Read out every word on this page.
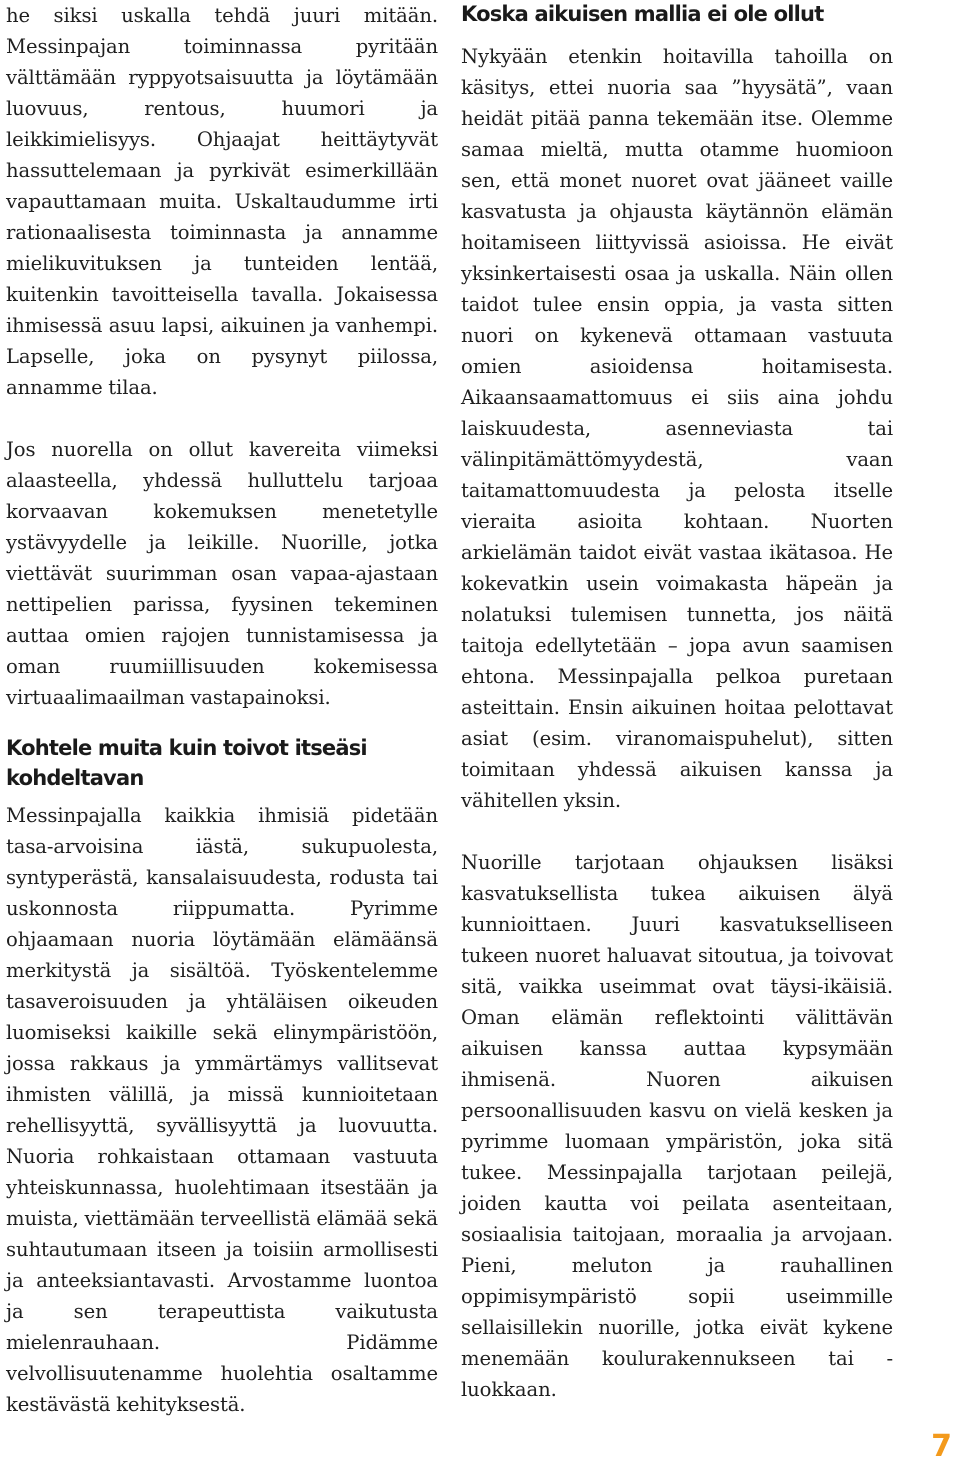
he siksi uskalla tehdä juuri mitään. Messinpajan toiminnassa pyritään välttämään ryppyotsaisuutta ja löytämään luovuus, rentous, huumori ja leikkimielisyys. Ohjaajat heittäytyvät hassuttelemaan ja pyrkivät esimerkillään vapauttamaan muita. Uskaltaudumme irti rationaalisesta toiminnasta ja annamme mielikuvituksen ja tunteiden lentää, kuitenkin tavoitteisella tavalla. Jokaisessa ihmisessä asuu lapsi, aikuinen ja vanhempi. Lapselle, joka on pysynyt piilossa, annamme tilaa.

Jos nuorella on ollut kavereita viimeksi alaasteella, yhdessä hulluttelu tarjoaa korvaavan kokemuksen menetetylle ystävyydelle ja leikille. Nuorille, jotka viettävät suurimman osan vapaa-ajastaan nettipelien parissa, fyysinen tekeminen auttaa omien rajojen tunnistamisessa ja oman ruumiillisuuden kokemisessa virtuaalimaailman vastapainoksi.

Kohtele muita kuin toivot itseäsi kohdeltavan

Messinpajalla kaikkia ihmisiä pidetään tasa-arvoisina iästä, sukupuolesta, syntyperästä, kansalaisuudesta, rodusta tai uskonnosta riippumatta. Pyrimme ohjaamaan nuoria löytämään elämäänsä merkitystä ja sisältöä. Työskentelemme tasaveroisuuden ja yhtäläisen oikeuden luomiseksi kaikille sekä elinympäristöön, jossa rakkaus ja ymmärtämys vallitsevat ihmisten välillä, ja missä kunnioitetaan rehellisyyttä, syvällisyyttä ja luovuutta. Nuoria rohkaistaan ottamaan vastuuta yhteiskunnassa, huolehtimaan itsestään ja muista, viettämään terveellistä elämää sekä suhtautumaan itseen ja toisiin armollisesti ja anteeksiantavasti. Arvostamme luontoa ja sen terapeuttista vaikutusta mielenrauhaan. Pidämme velvollisuutenamme huolehtia osaltamme kestävästä kehityksestä.

Koska aikuisen mallia ei ole ollut

Nykyään etenkin hoitavilla tahoilla on käsitys, ettei nuoria saa ”hyysätä”, vaan heidät pitää panna tekemään itse. Olemme samaa mieltä, mutta otamme huomioon sen, että monet nuoret ovat jääneet vaille kasvatusta ja ohjausta käytännön elämän hoitamiseen liittyvissä asioissa. He eivät yksinkertaisesti osaa ja uskalla. Näin ollen taidot tulee ensin oppia, ja vasta sitten nuori on kykenevä ottamaan vastuuta omien asioidensa hoitamisesta. Aikaansaamattomuus ei siis aina johdu laiskuudesta, asenneviasta tai välinpitämättömyydestä, vaan taitamattomuudesta ja pelosta itselle vieraita asioita kohtaan. Nuorten arkielämän taidot eivät vastaa ikätasoa. He kokevatkin usein voimakasta häpeän ja nolatuksi tulemisen tunnetta, jos näitä taitoja edellytetään – jopa avun saamisen ehtona. Messinpajalla pelkoa puretaan asteittain. Ensin aikuinen hoitaa pelottavat asiat (esim. viranomaispuhelut), sitten toimitaan yhdessä aikuisen kanssa ja vähitellen yksin.

Nuorille tarjotaan ohjauksen lisäksi kasvatuksellista tukea aikuisen älyä kunnioittaen. Juuri kasvatukselliseen tukeen nuoret haluavat sitoutua, ja toivovat sitä, vaikka useimmat ovat täysi-ikäisiä. Oman elämän reflektointi välittävän aikuisen kanssa auttaa kypsymään ihmisenä. Nuoren aikuisen persoonallisuuden kasvu on vielä kesken ja pyrimme luomaan ympäristön, joka sitä tukee. Messinpajalla tarjotaan peilejä, joiden kautta voi peilata asenteitaan, sosiaalisia taitojaan, moraalia ja arvojaan. Pieni, meluton ja rauhallinen oppimisympäristö sopii useimmille sellaisillekin nuorille, jotka eivät kykene menemään koulurakennukseen tai -luokkaan.

7
